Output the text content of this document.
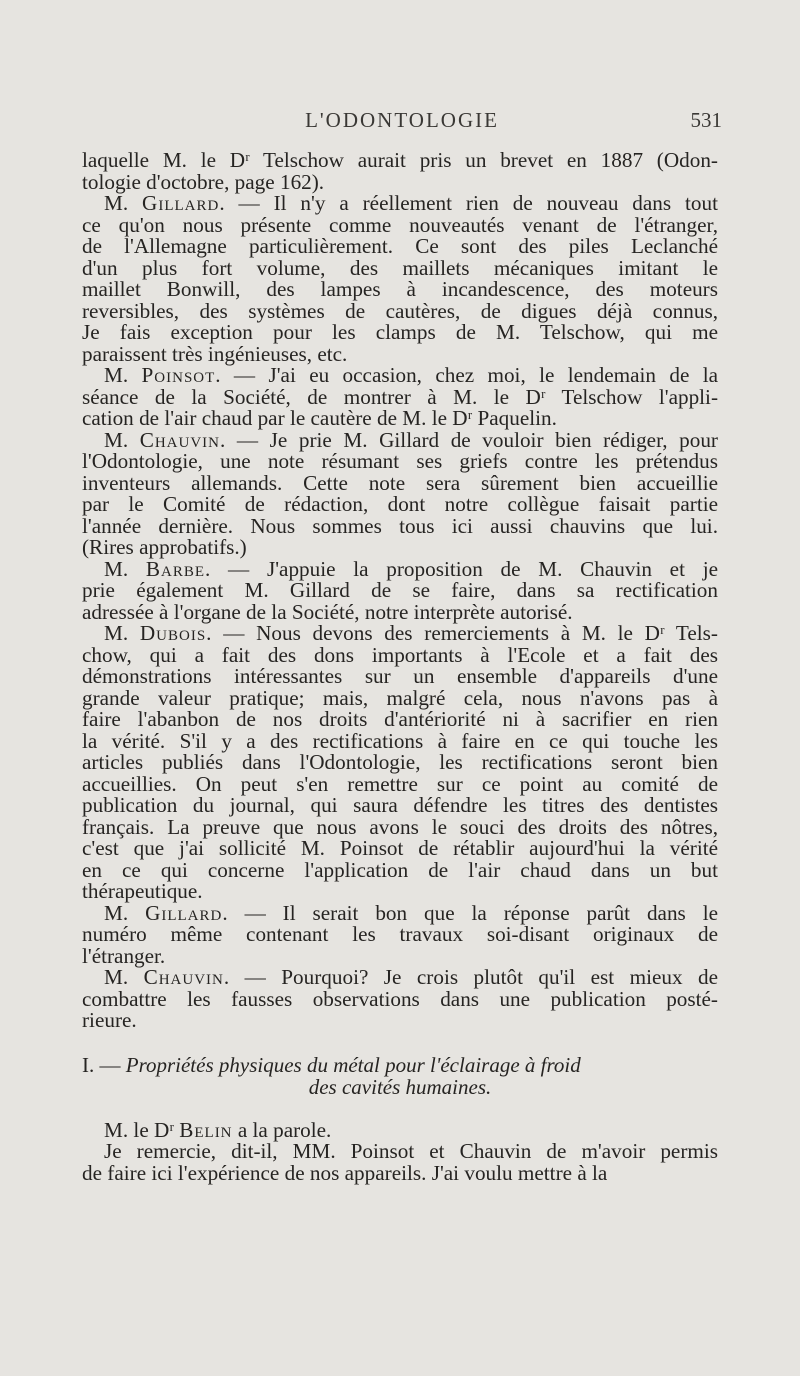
L'ODONTOLOGIE	531
laquelle M. le Dʳ Telschow aurait pris un brevet en 1887 (Odon-
tologie d'octobre, page 162).
M. Gillard. — Il n'y a réellement rien de nouveau dans tout
ce qu'on nous présente comme nouveautés venant de l'étranger,
de l'Allemagne particulièrement. Ce sont des piles Leclanché
d'un plus fort volume, des maillets mécaniques imitant le
maillet Bonwill, des lampes à incandescence, des moteurs
reversibles, des systèmes de cautères, de digues déjà connus,
Je fais exception pour les clamps de M. Telschow, qui me
paraissent très ingénieuses, etc.
M. Poinsot. — J'ai eu occasion, chez moi, le lendemain de la
séance de la Société, de montrer à M. le Dʳ Telschow l'appli-
cation de l'air chaud par le cautère de M. le Dʳ Paquelin.
M. Chauvin. — Je prie M. Gillard de vouloir bien rédiger, pour
l'Odontologie, une note résumant ses griefs contre les prétendus
inventeurs allemands. Cette note sera sûrement bien accueillie
par le Comité de rédaction, dont notre collègue faisait partie
l'année dernière. Nous sommes tous ici aussi chauvins que lui.
(Rires approbatifs.)
M. Barbe. — J'appuie la proposition de M. Chauvin et je
prie également M. Gillard de se faire, dans sa rectification
adressée à l'organe de la Société, notre interprète autorisé.
M. Dubois. — Nous devons des remerciements à M. le Dʳ Tels-
chow, qui a fait des dons importants à l'Ecole et a fait des
démonstrations intéressantes sur un ensemble d'appareils d'une
grande valeur pratique; mais, malgré cela, nous n'avons pas à
faire l'abanbon de nos droits d'antériorité ni à sacrifier en rien
la vérité. S'il y a des rectifications à faire en ce qui touche les
articles publiés dans l'Odontologie, les rectifications seront bien
accueillies. On peut s'en remettre sur ce point au comité de
publication du journal, qui saura défendre les titres des dentistes
français. La preuve que nous avons le souci des droits des nôtres,
c'est que j'ai sollicité M. Poinsot de rétablir aujourd'hui la vérité
en ce qui concerne l'application de l'air chaud dans un but
thérapeutique.
M. Gillard. — Il serait bon que la réponse parût dans le
numéro même contenant les travaux soi-disant originaux de
l'étranger.
M. Chauvin. — Pourquoi? Je crois plutôt qu'il est mieux de
combattre les fausses observations dans une publication posté-
rieure.
I. — Propriétés physiques du métal pour l'éclairage à froid
des cavités humaines.
M. le Dʳ Belin a la parole.
Je remercie, dit-il, MM. Poinsot et Chauvin de m'avoir permis
de faire ici l'expérience de nos appareils. J'ai voulu mettre à la
